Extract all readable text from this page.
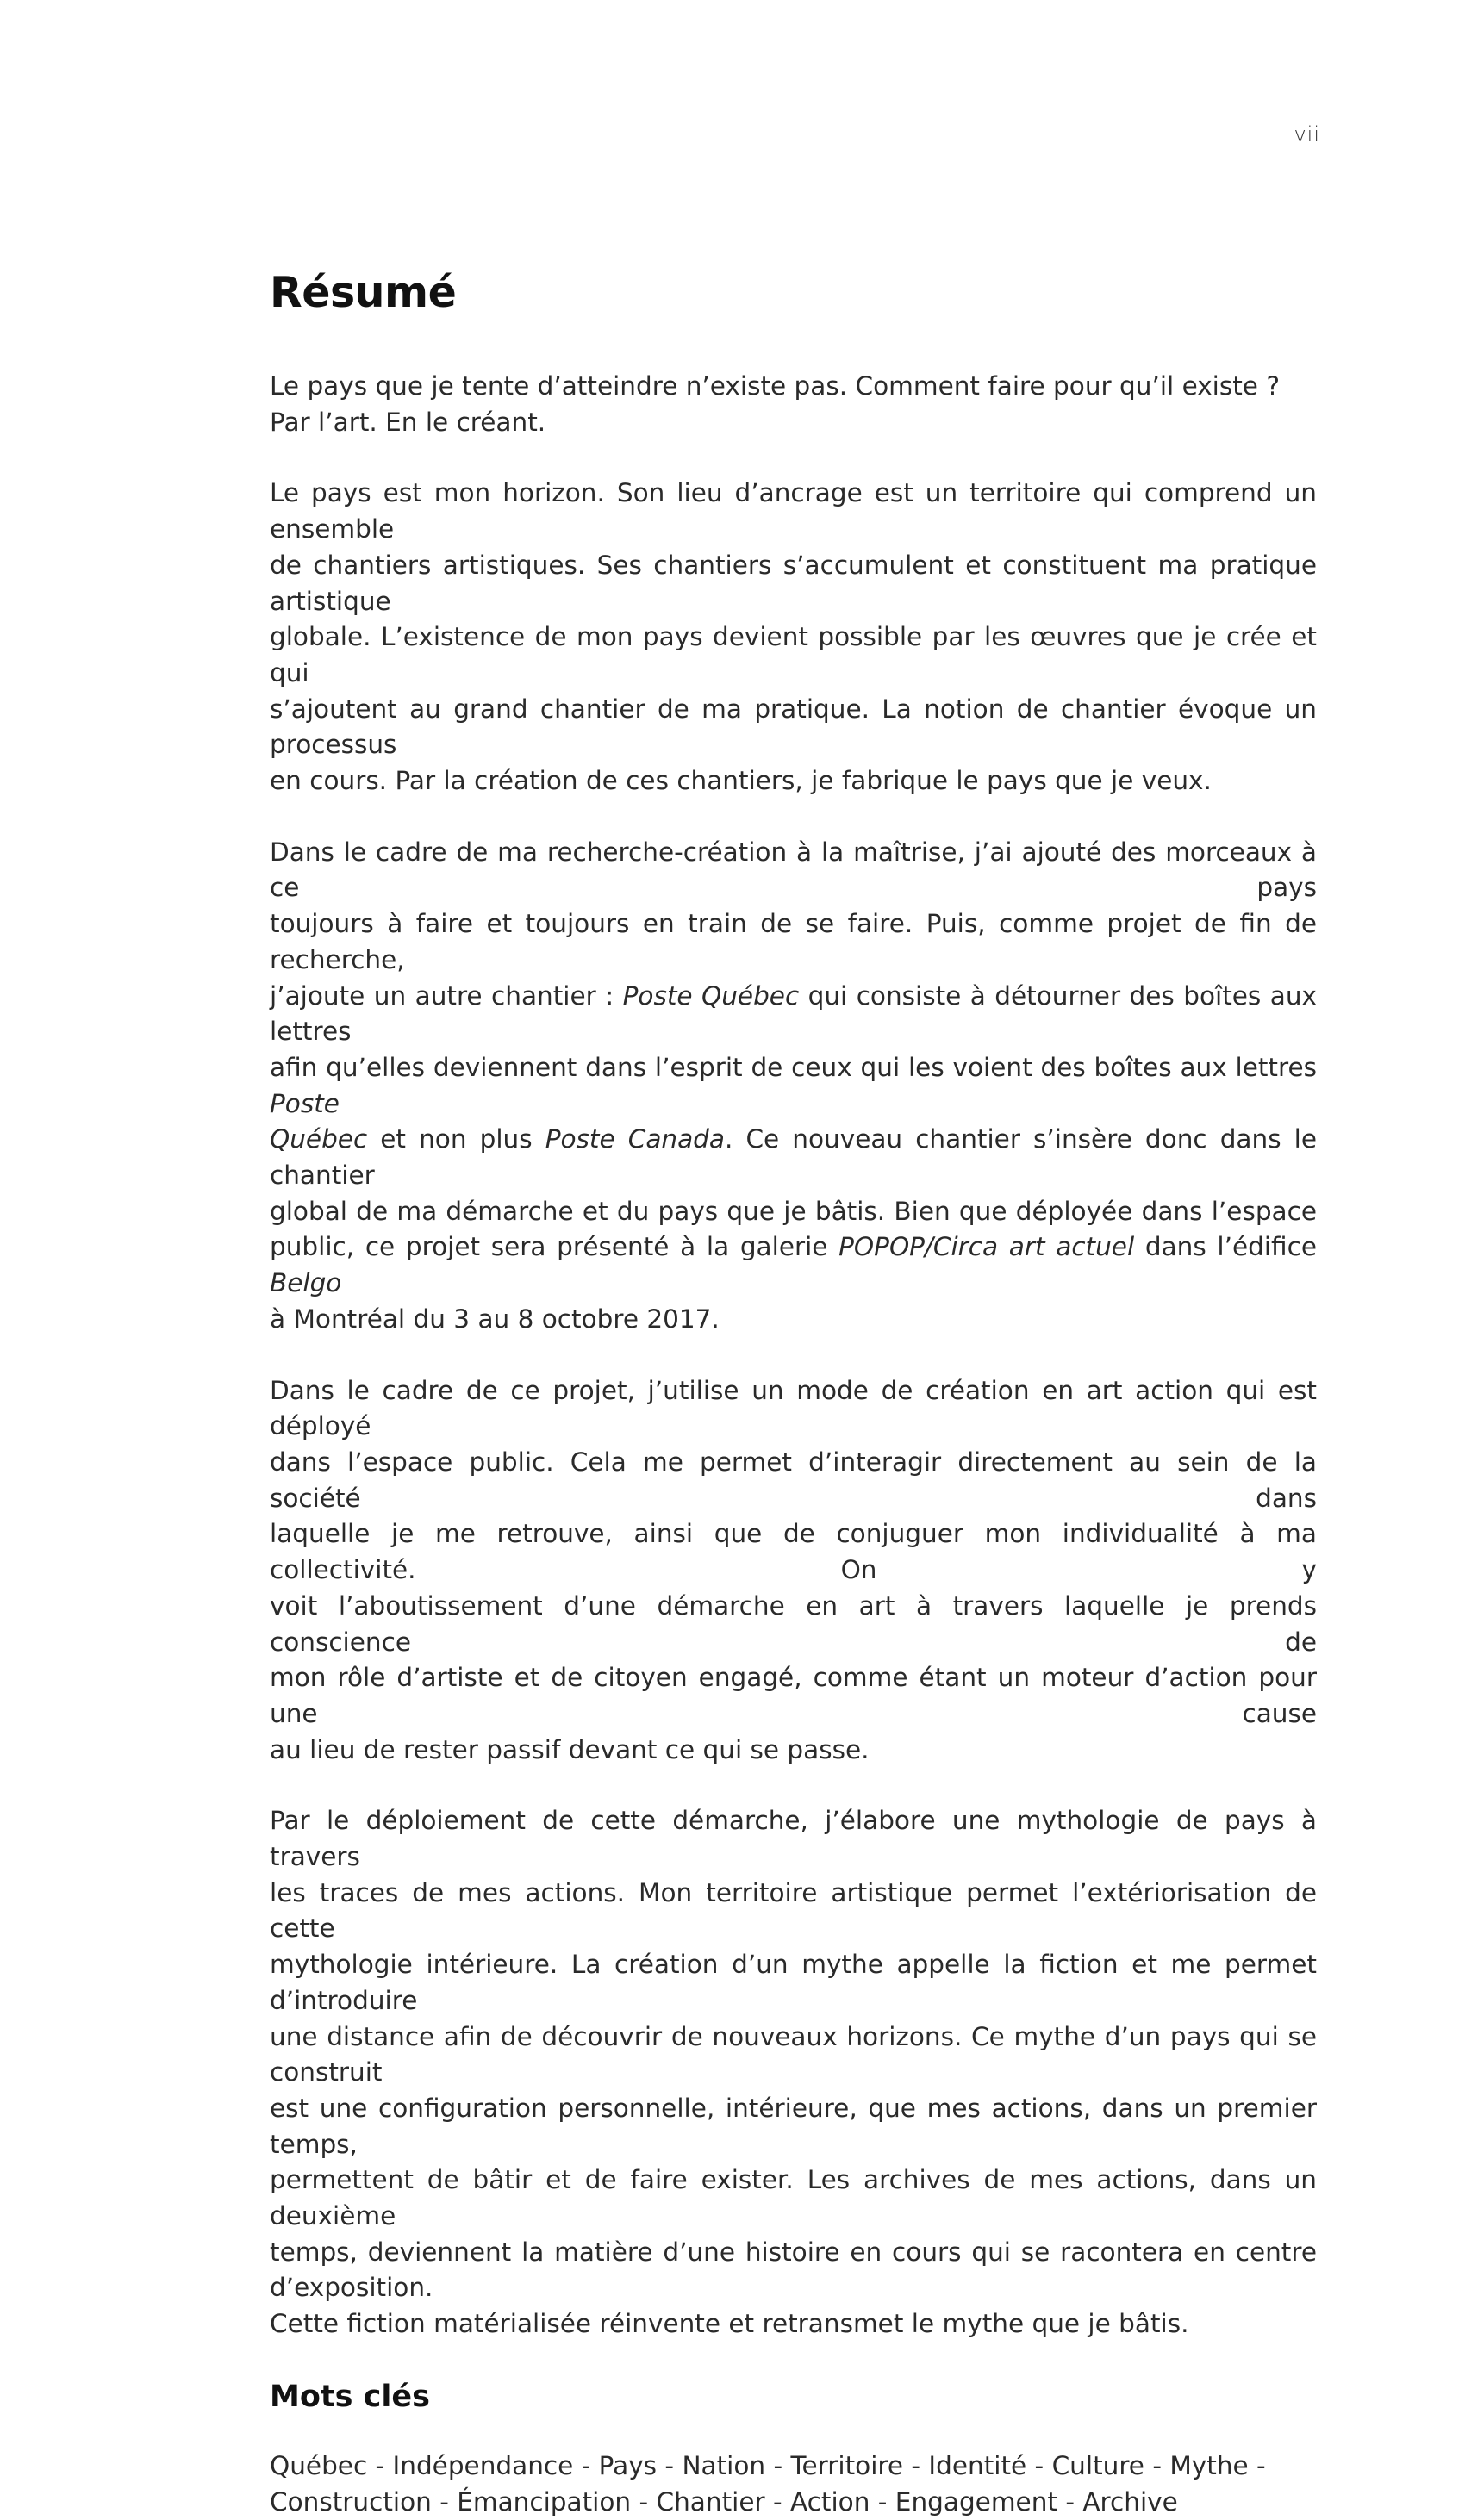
vii
Résumé

Le pays que je tente d’atteindre n’existe pas. Comment faire pour qu’il existe ?
Par l’art. En le créant.

Le pays est mon horizon. Son lieu d’ancrage est un territoire qui comprend un ensemble
de chantiers artistiques. Ses chantiers s’accumulent et constituent ma pratique artistique
globale. L’existence de mon pays devient possible par les œuvres que je crée et qui
s’ajoutent au grand chantier de ma pratique. La notion de chantier évoque un processus
en cours. Par la création de ces chantiers, je fabrique le pays que je veux.

Dans le cadre de ma recherche-création à la maîtrise, j’ai ajouté des morceaux à ce pays
toujours à faire et toujours en train de se faire. Puis, comme projet de fin de recherche,
j’ajoute un autre chantier : Poste Québec qui consiste à détourner des boîtes aux lettres
afin qu’elles deviennent dans l’esprit de ceux qui les voient des boîtes aux lettres Poste
Québec et non plus Poste Canada. Ce nouveau chantier s’insère donc dans le chantier
global de ma démarche et du pays que je bâtis. Bien que déployée dans l’espace
public, ce projet sera présenté à la galerie POPOP/Circa art actuel dans l’édifice Belgo
à Montréal du 3 au 8 octobre 2017.

Dans le cadre de ce projet, j’utilise un mode de création en art action qui est déployé
dans l’espace public. Cela me permet d’interagir directement au sein de la société dans
laquelle je me retrouve, ainsi que de conjuguer mon individualité à ma collectivité. On y
voit l’aboutissement d’une démarche en art à travers laquelle je prends conscience de
mon rôle d’artiste et de citoyen engagé, comme étant un moteur d’action pour une cause
au lieu de rester passif devant ce qui se passe.

Par le déploiement de cette démarche, j’élabore une mythologie de pays à travers
les traces de mes actions. Mon territoire artistique permet l’extériorisation de cette
mythologie intérieure. La création d’un mythe appelle la fiction et me permet d’introduire
une distance afin de découvrir de nouveaux horizons. Ce mythe d’un pays qui se construit
est une configuration personnelle, intérieure, que mes actions, dans un premier temps,
permettent de bâtir et de faire exister. Les archives de mes actions, dans un deuxième
temps, deviennent la matière d’une histoire en cours qui se racontera en centre d’exposition.
Cette fiction matérialisée réinvente et retransmet le mythe que je bâtis.

Mots clés

Québec - Indépendance - Pays - Nation - Territoire - Identité - Culture - Mythe -
Construction - Émancipation - Chantier - Action - Engagement - Archive
